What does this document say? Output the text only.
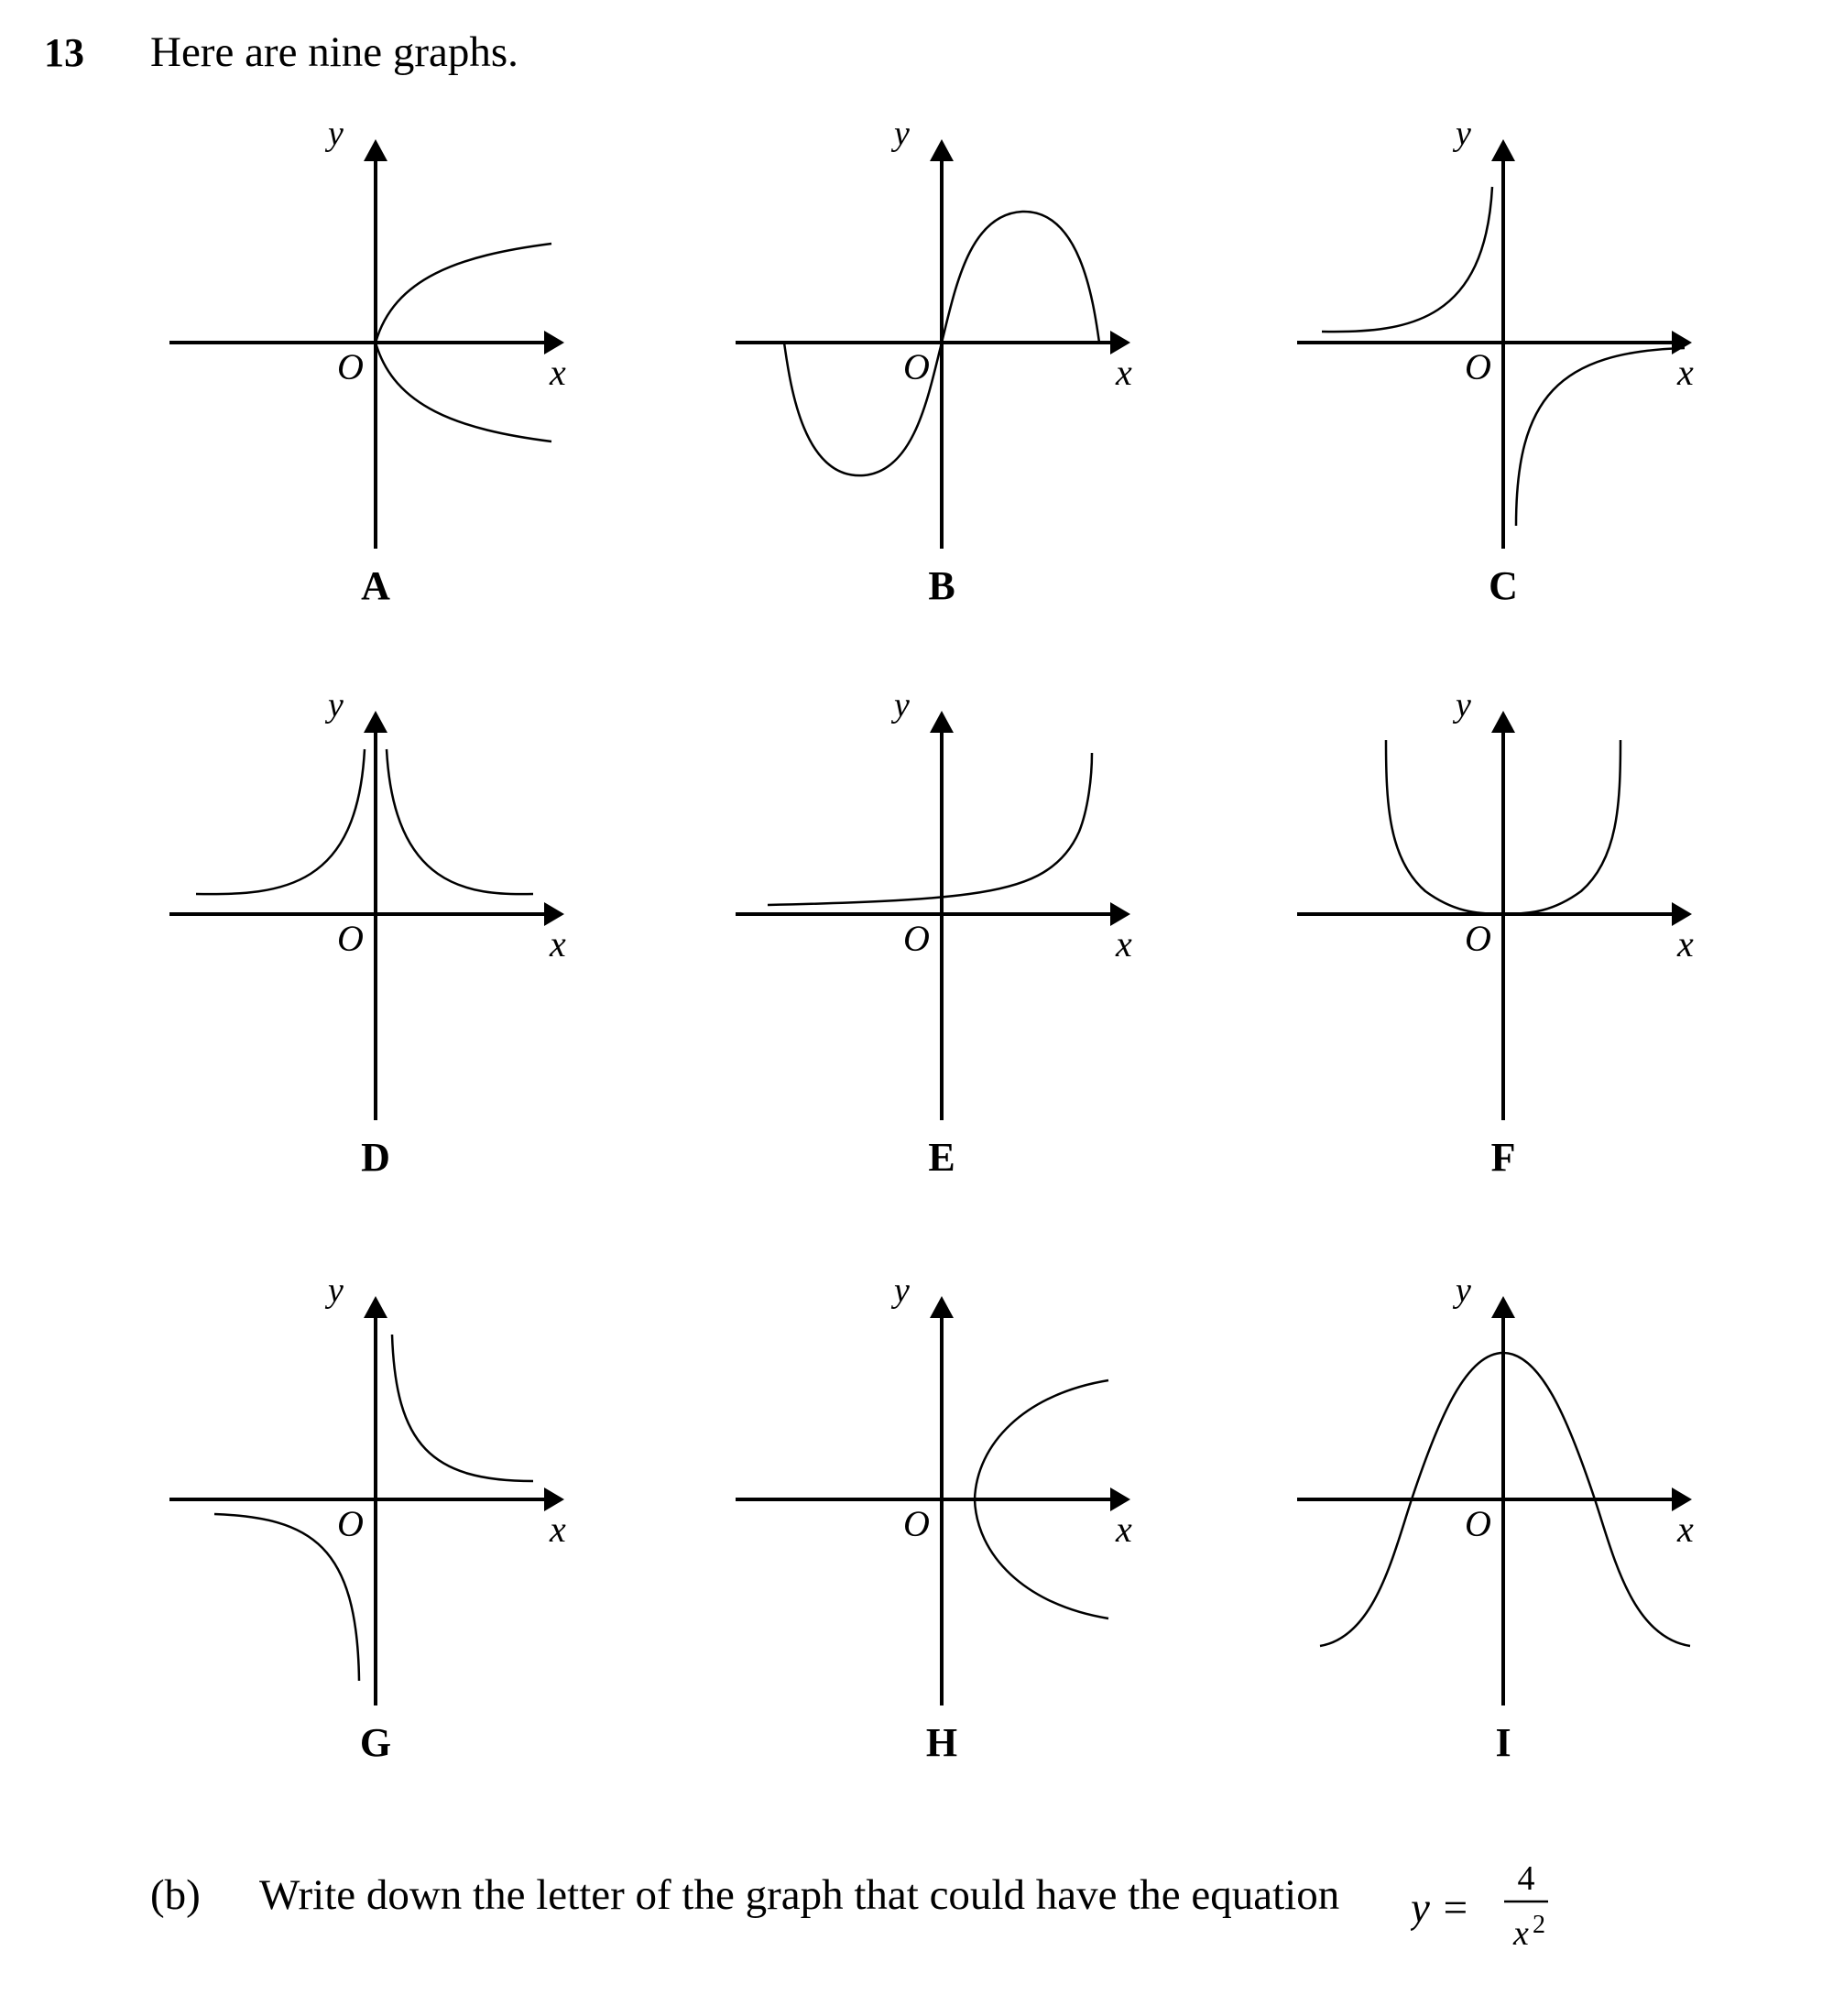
13 Here are nine graphs.
y
O	x
A
y
O	x
B
y
O	x
C
y
O	x
D
y
O	x
E
y
O	x
F
y
O	x
G
y
O	x
H
y
O	x
I
(b) Write down the letter of the graph that could have the equation y =
4
x 2
